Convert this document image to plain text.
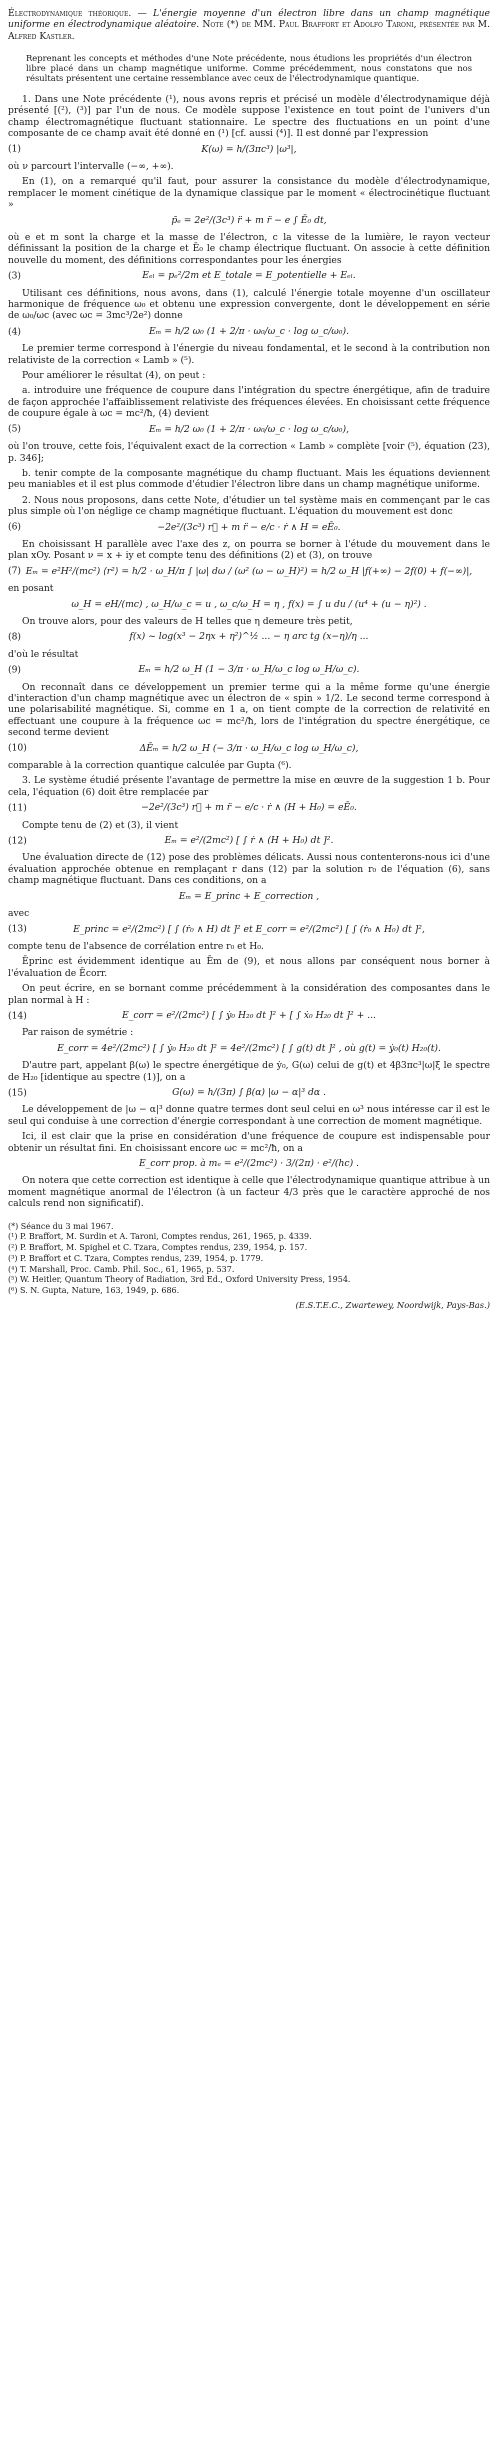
Électrodynamique théorique. — L'énergie moyenne d'un électron libre dans un champ magnétique uniforme en électrodynamique aléatoire. Note (*) de MM. Paul Braffort et Adolfo Taroni, présentée par M. Alfred Kastler.
Reprenant les concepts et méthodes d'une Note précédente, nous étudions les propriétés d'un électron libre placé dans un champ magnétique uniforme. Comme précédemment, nous constatons que nos résultats présentent une certaine ressemblance avec ceux de l'électrodynamique quantique.

1. Dans une Note précédente (¹), nous avons repris et précisé un modèle d'électrodynamique déjà présenté [(²), (³)] par l'un de nous. Ce modèle suppose l'existence en tout point de l'univers d'un champ électromagnétique fluctuant stationnaire. Le spectre des fluctuations en un point d'une composante de ce champ avait été donné en (¹) [cf. aussi (⁴)]. Il est donné par l'expression

(1)	K(ω) = h/(3πc³) |ω³|,

où ν parcourt l'intervalle (−∞, +∞).

En (1), on a remarqué qu'il faut, pour assurer la consistance du modèle d'électrodynamique, remplacer le moment cinétique de la dynamique classique par le moment « électrocinétique fluctuant »

p̄ₑ = 2e²/(3c³) r̈ + m r̈ − e ∫ Ē₀ dt,

où e et m sont la charge et la masse de l'électron, c la vitesse de la lumière, le rayon vecteur définissant la position de la charge et Ē₀ le champ électrique fluctuant. On associe à cette définition nouvelle du moment, des définitions correspondantes pour les énergies

(3)	Eₑₗ = pₑ²/2m et E_totale = E_potentielle + Eₑₗ.

Utilisant ces définitions, nous avons, dans (1), calculé l'énergie totale moyenne d'un oscillateur harmonique de fréquence ω₀ et obtenu une expression convergente, dont le développement en série de ω₀/ωc (avec ωc = 3mc³/2e²) donne

(4)	Eₘ = h/2 ω₀ (1 + 2/π · ω₀/ω_c · log ω_c/ω₀).

Le premier terme correspond à l'énergie du niveau fondamental, et le second à la contribution non relativiste de la correction « Lamb » (⁵).

Pour améliorer le résultat (4), on peut :

a. introduire une fréquence de coupure dans l'intégration du spectre énergétique, afin de traduire de façon approchée l'affaiblissement relativiste des fréquences élevées. En choisissant cette fréquence de coupure égale à ωc = mc²/ħ, (4) devient

(5)	Eₘ = h/2 ω₀ (1 + 2/π · ω₀/ω_c · log ω_c/ω₀),

où l'on trouve, cette fois, l'équivalent exact de la correction « Lamb » complète [voir (⁵), équation (23), p. 346];

b. tenir compte de la composante magnétique du champ fluctuant. Mais les équations deviennent peu maniables et il est plus commode d'étudier l'électron libre dans un champ magnétique uniforme.

2. Nous nous proposons, dans cette Note, d'étudier un tel système mais en commençant par le cas plus simple où l'on néglige ce champ magnétique fluctuant. L'équation du mouvement est donc

(6)	−2e²/(3c³) r⃛ + m r̈ − e/c · ṙ ∧ H = eĒ₀.

En choisissant H parallèle avec l'axe des z, on pourra se borner à l'étude du mouvement dans le plan xOy. Posant ν = x + iy et compte tenu des définitions (2) et (3), on trouve

(7) Eₘ = e²H²/(mc²) ⟨r²⟩ = h/2 · ω_H/π ∫ |ω| dω / (ω² (ω − ω_H)²) = h/2 ω_H |f(+∞) − 2f(0) + f(−∞)|,

en posant

ω_H = eH/(mc) , ω_H/ω_c = u , ω_c/ω_H = η , f(x) = ∫ u du / (u⁴ + (u − η)²) .

On trouve alors, pour des valeurs de H telles que η demeure très petit,

(8)	f(x) ~ log(x³ − 2ηx + η²)^½ ... − η arc tg (x−η)/η ...

d'où le résultat

(9)	Eₘ = h/2 ω_H (1 − 3/π · ω_H/ω_c log ω_H/ω_c).

On reconnaît dans ce développement un premier terme qui a la même forme qu'une énergie d'interaction d'un champ magnétique avec un électron de « spin » 1/2. Le second terme correspond à une polarisabilité magnétique. Si, comme en 1 a, on tient compte de la correction de relativité en effectuant une coupure à la fréquence ωc = mc²/ħ, lors de l'intégration du spectre énergétique, ce second terme devient

(10)	ΔĒₘ = h/2 ω_H (− 3/π · ω_H/ω_c log ω_H/ω_c),

comparable à la correction quantique calculée par Gupta (⁶).

3. Le système étudié présente l'avantage de permettre la mise en œuvre de la suggestion 1 b. Pour cela, l'équation (6) doit être remplacée par

(11)	−2e²/(3c³) r⃛ + m r̈ − e/c · ṙ ∧ (H + H₀) = eĒ₀.

Compte tenu de (2) et (3), il vient

(12)	Eₘ = e²/(2mc²) [ ∫ ṙ ∧ (H + H₀) dt ]².

Une évaluation directe de (12) pose des problèmes délicats. Aussi nous contenterons-nous ici d'une évaluation approchée obtenue en remplaçant r dans (12) par la solution r₀ de l'équation (6), sans champ magnétique fluctuant. Dans ces conditions, on a

Eₘ = E_princ + E_correction ,

avec

(13)	E_princ = e²/(2mc²) [ ∫ (ṙ₀ ∧ H) dt ]² et E_corr = e²/(2mc²) [ ∫ (ṙ₀ ∧ H₀) dt ]²,

compte tenu de l'absence de corrélation entre r₀ et H₀.

Ēprinc est évidemment identique au Ēm de (9), et nous allons par conséquent nous borner à l'évaluation de Ēcorr.

On peut écrire, en se bornant comme précédemment à la considération des composantes dans le plan normal à H :

(14)	E_corr = e²/(2mc²) [ ∫ ẏ₀ H₂₀ dt ]² + [ ∫ ẋ₀ H₂₀ dt ]² + ...

Par raison de symétrie :

E_corr = 4e²/(2mc²) [ ∫ ẏ₀ H₂₀ dt ]² = 4e²/(2mc²) [ ∫ g(t) dt ]² , où g(t) = ẏ₀(t) H₂₀(t).

D'autre part, appelant β(ω) le spectre énergétique de ẏ₀, G(ω) celui de g(t) et 4β3πc³|ω|ξ le spectre de H₂₀ [identique au spectre (1)], on a

(15)	G(ω) = h/(3π) ∫ β(α) |ω − α|³ dα .

Le développement de |ω − α|³ donne quatre termes dont seul celui en ω³ nous intéresse car il est le seul qui conduise à une correction d'énergie correspondant à une correction de moment magnétique.

Ici, il est clair que la prise en considération d'une fréquence de coupure est indispensable pour obtenir un résultat fini. En choisissant encore ωc = mc²/ħ, on a

E_corr prop. à mₑ = e²/(2mc²) · 3/(2π) · e²/(hc) .

On notera que cette correction est identique à celle que l'électrodynamique quantique attribue à un moment magnétique anormal de l'électron (à un facteur 4/3 près que le caractère approché de nos calculs rend non significatif).

(*) Séance du 3 mai 1967.
(¹) P. Braffort, M. Surdin et A. Taroni, Comptes rendus, 261, 1965, p. 4339.
(²) P. Braffort, M. Spighel et C. Tzara, Comptes rendus, 239, 1954, p. 157.
(³) P. Braffort et C. Tzara, Comptes rendus, 239, 1954, p. 1779.
(⁴) T. Marshall, Proc. Camb. Phil. Soc., 61, 1965, p. 537.
(⁵) W. Heitler, Quantum Theory of Radiation, 3rd Ed., Oxford University Press, 1954.
(⁶) S. N. Gupta, Nature, 163, 1949, p. 686.
(E.S.T.E.C., Zwartewey, Noordwijk, Pays-Bas.)
